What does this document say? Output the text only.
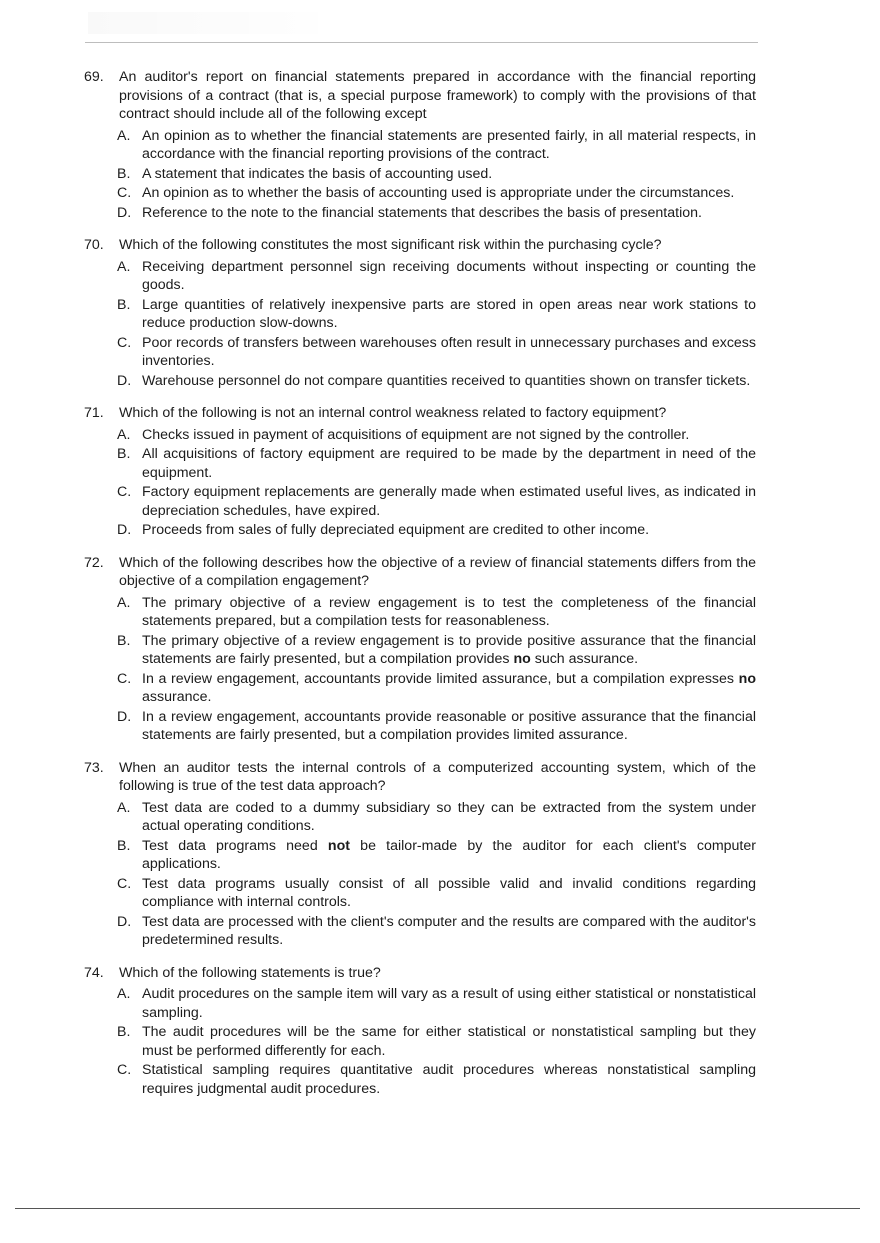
69.	An auditor's report on financial statements prepared in accordance with the financial reporting provisions of a contract (that is, a special purpose framework) to comply with the provisions of that contract should include all of the following except
A. An opinion as to whether the financial statements are presented fairly, in all material respects, in accordance with the financial reporting provisions of the contract.
B. A statement that indicates the basis of accounting used.
C. An opinion as to whether the basis of accounting used is appropriate under the circumstances.
D. Reference to the note to the financial statements that describes the basis of presentation.
70.	Which of the following constitutes the most significant risk within the purchasing cycle?
A. Receiving department personnel sign receiving documents without inspecting or counting the goods.
B. Large quantities of relatively inexpensive parts are stored in open areas near work stations to reduce production slow-downs.
C. Poor records of transfers between warehouses often result in unnecessary purchases and excess inventories.
D. Warehouse personnel do not compare quantities received to quantities shown on transfer tickets.
71.	Which of the following is not an internal control weakness related to factory equipment?
A. Checks issued in payment of acquisitions of equipment are not signed by the controller.
B. All acquisitions of factory equipment are required to be made by the department in need of the equipment.
C. Factory equipment replacements are generally made when estimated useful lives, as indicated in depreciation schedules, have expired.
D. Proceeds from sales of fully depreciated equipment are credited to other income.
72.	Which of the following describes how the objective of a review of financial statements differs from the objective of a compilation engagement?
A. The primary objective of a review engagement is to test the completeness of the financial statements prepared, but a compilation tests for reasonableness.
B. The primary objective of a review engagement is to provide positive assurance that the financial statements are fairly presented, but a compilation provides no such assurance.
C. In a review engagement, accountants provide limited assurance, but a compilation expresses no assurance.
D. In a review engagement, accountants provide reasonable or positive assurance that the financial statements are fairly presented, but a compilation provides limited assurance.
73.	When an auditor tests the internal controls of a computerized accounting system, which of the following is true of the test data approach?
A. Test data are coded to a dummy subsidiary so they can be extracted from the system under actual operating conditions.
B. Test data programs need not be tailor-made by the auditor for each client's computer applications.
C. Test data programs usually consist of all possible valid and invalid conditions regarding compliance with internal controls.
D. Test data are processed with the client's computer and the results are compared with the auditor's predetermined results.
74.	Which of the following statements is true?
A. Audit procedures on the sample item will vary as a result of using either statistical or nonstatistical sampling.
B. The audit procedures will be the same for either statistical or nonstatistical sampling but they must be performed differently for each.
C. Statistical sampling requires quantitative audit procedures whereas nonstatistical sampling requires judgmental audit procedures.
